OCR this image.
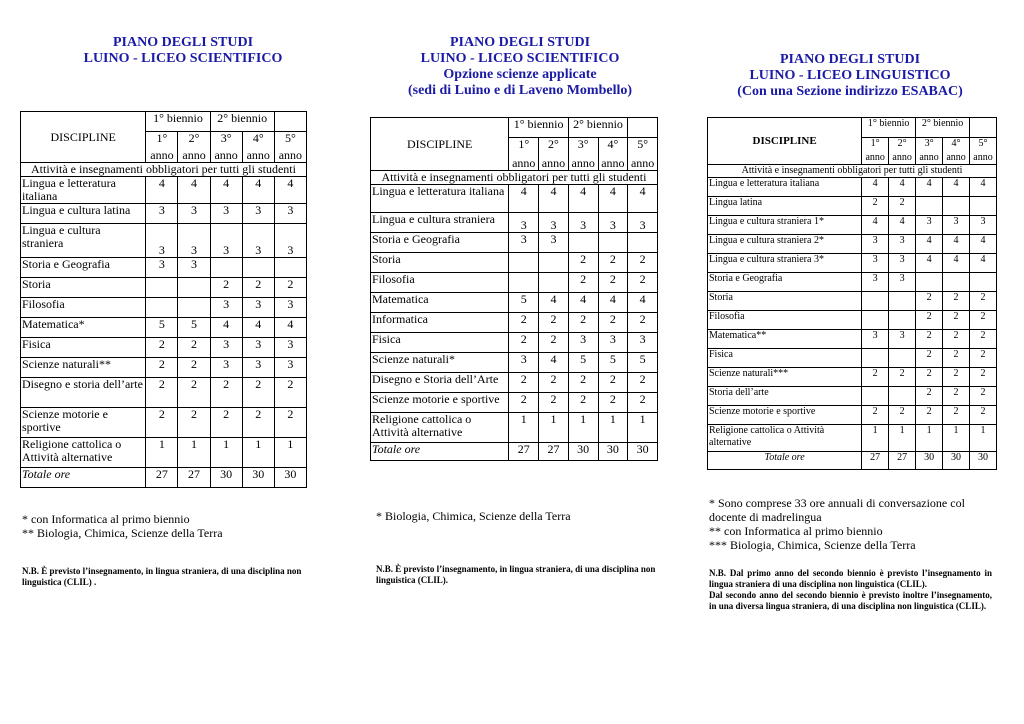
PIANO DEGLI STUDI
LUINO - LICEO SCIENTIFICO
DISCIPLINE	1° biennio		2° biennio		

	1°
anno	2°
anno	3°
anno	4°
anno	5°
anno

Attività e insegnamenti obbligatori per tutti gli studenti					
Lingua e letteratura italiana	4	4	4	4	4
Lingua e cultura latina	3	3	3	3	3
Lingua e cultura straniera	3	3	3	3	3
Storia e Geografia	3	3			
Storia			2	2	2
Filosofia			3	3	3
Matematica*	5	5	4	4	4
Fisica	2	2	3	3	3
Scienze naturali**	2	2	3	3	3
Disegno e storia dell’arte	2	2	2	2	2
Scienze motorie e sportive	2	2	2	2	2
Religione cattolica o Attività alternative	1	1	1	1	1
Totale ore	27	27	30	30	30
* con Informatica al primo biennio
** Biologia, Chimica, Scienze della Terra
N.B. È previsto l’insegnamento, in lingua straniera, di una disciplina non linguistica (CLIL) .
PIANO DEGLI STUDI
LUINO - LICEO SCIENTIFICO
Opzione scienze applicate
(sedi di Luino e di Laveno Mombello)
DISCIPLINE	1° biennio		2° biennio		

	1°
anno	2°
anno	3°
anno	4°
anno	5°
anno

Attività e insegnamenti obbligatori per tutti gli studenti					
Lingua e letteratura italiana	4	4	4	4	4
Lingua e cultura straniera	3	3	3	3	3
Storia e Geografia	3	3			
Storia			2	2	2
Filosofia			2	2	2
Matematica	5	4	4	4	4
Informatica	2	2	2	2	2
Fisica	2	2	3	3	3
Scienze naturali*	3	4	5	5	5
Disegno e Storia dell’Arte	2	2	2	2	2
Scienze motorie e sportive	2	2	2	2	2
Religione cattolica o Attività alternative	1	1	1	1	1
Totale ore	27	27	30	30	30
* Biologia, Chimica, Scienze della Terra
N.B. È previsto l’insegnamento, in lingua straniera, di una disciplina non linguistica (CLIL).
PIANO DEGLI STUDI
LUINO - LICEO LINGUISTICO
(Con una Sezione indirizzo ESABAC)
DISCIPLINE	1° biennio		2° biennio		

	1°
anno	2°
anno	3°
anno	4°
anno	5°
anno

Attività e insegnamenti obbligatori per tutti gli studenti					
Lingua e letteratura italiana	4	4	4	4	4
Lingua latina	2	2			
Lingua e cultura straniera 1*	4	4	3	3	3
Lingua e cultura straniera 2*	3	3	4	4	4
Lingua e cultura straniera 3*	3	3	4	4	4
Storia e Geografia	3	3			
Storia			2	2	2
Filosofia			2	2	2
Matematica**	3	3	2	2	2
Fisica			2	2	2
Scienze naturali***	2	2	2	2	2
Storia dell’arte			2	2	2
Scienze motorie e sportive	2	2	2	2	2
Religione cattolica o Attività alternative	1	1	1	1	1
Totale ore	27	27	30	30	30
* Sono comprese 33 ore annuali di conversazione col docente di madrelingua
** con Informatica al primo biennio
*** Biologia, Chimica, Scienze della Terra
N.B. Dal primo anno del secondo biennio è previsto l’insegnamento in lingua straniera di una disciplina non linguistica (CLIL).
Dal secondo anno del secondo biennio è previsto inoltre l’insegnamento, in una diversa lingua straniera, di una disciplina non linguistica (CLIL).
